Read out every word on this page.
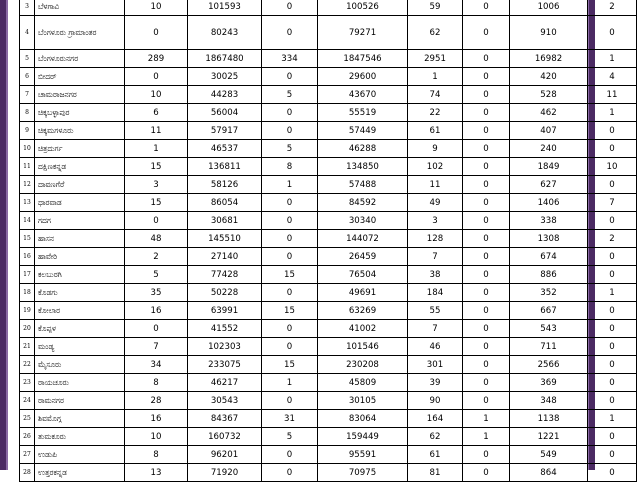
3	ಬೆಳಗಾವಿ	10	101593	0	100526	59	0	1006	2
4	ಬೆಂಗಳೂರು ಗ್ರಾಮಾಂತರ	0	80243	0	79271	62	0	910	0
5	ಬೆಂಗಳೂರುನಗರ	289	1867480	334	1847546	2951	0	16982	1
6	ಬೀದರ್	0	30025	0	29600	1	0	420	4
7	ಚಾಮರಾಜನಗರ	10	44283	5	43670	74	0	528	11
8	ಚಿಕ್ಕಬಳ್ಳಾಪುರ	6	56004	0	55519	22	0	462	1
9	ಚಿಕ್ಕಮಗಳೂರು	11	57917	0	57449	61	0	407	0
10	ಚಿತ್ರದುರ್ಗ	1	46537	5	46288	9	0	240	0
11	ದಕ್ಷಿಣಕನ್ನಡ	15	136811	8	134850	102	0	1849	10
12	ದಾವಣಗೆರೆ	3	58126	1	57488	11	0	627	0
13	ಧಾರವಾಡ	15	86054	0	84592	49	0	1406	7
14	ಗದಗ	0	30681	0	30340	3	0	338	0
15	ಹಾಸನ	48	145510	0	144072	128	0	1308	2
16	ಹಾವೇರಿ	2	27140	0	26459	7	0	674	0
17	ಕಲಬುರಗಿ	5	77428	15	76504	38	0	886	0
18	ಕೊಡಗು	35	50228	0	49691	184	0	352	1
19	ಕೋಲಾರ	16	63991	15	63269	55	0	667	0
20	ಕೊಪ್ಪಳ	0	41552	0	41002	7	0	543	0
21	ಮಂಡ್ಯ	7	102303	0	101546	46	0	711	0
22	ಮೈಸೂರು	34	233075	15	230208	301	0	2566	0
23	ರಾಯಚೂರು	8	46217	1	45809	39	0	369	0
24	ರಾಮನಗರ	28	30543	0	30105	90	0	348	0
25	ಶಿವಮೊಗ್ಗ	16	84367	31	83064	164	1	1138	1
26	ತುಮಕೂರು	10	160732	5	159449	62	1	1221	0
27	ಉಡುಪಿ	8	96201	0	95591	61	0	549	0
28	ಉತ್ತರಕನ್ನಡ	13	71920	0	70975	81	0	864	0
